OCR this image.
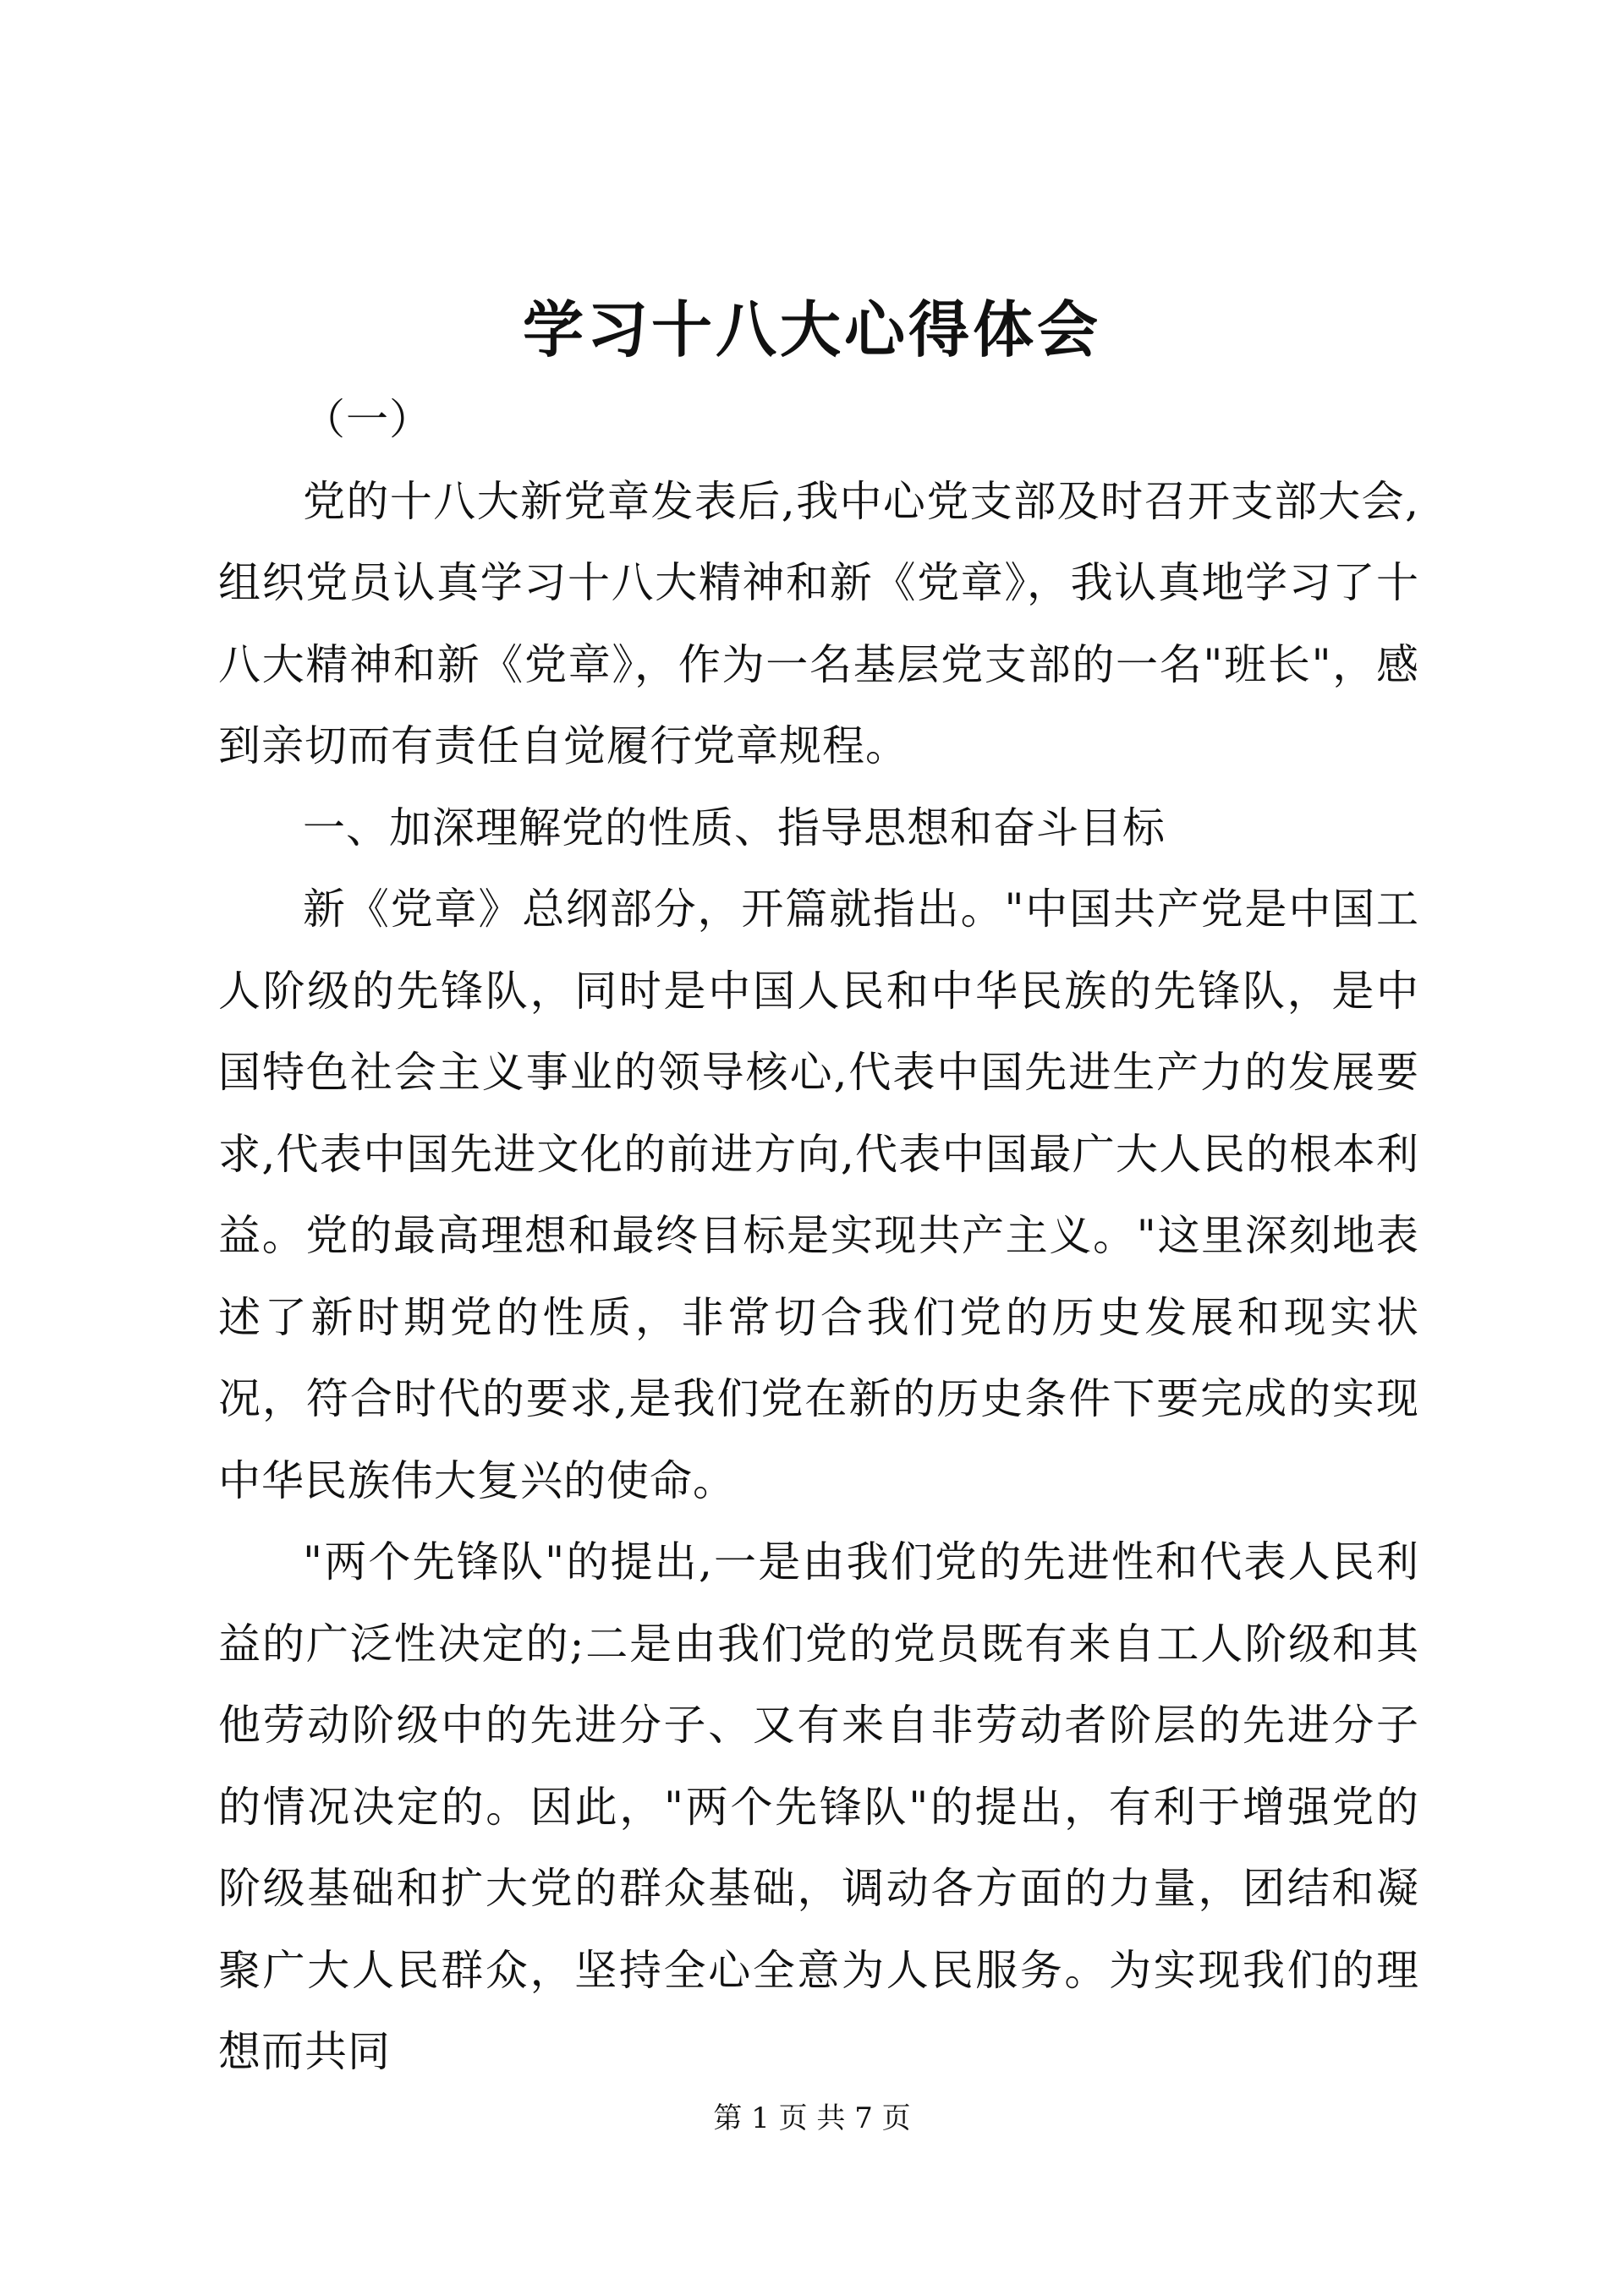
学习十八大心得体会

（一）

党的十八大新党章发表后,我中心党支部及时召开支部大会,组织党员认真学习十八大精神和新《党章》，我认真地学习了十八大精神和新《党章》，作为一名基层党支部的一名"班长"，感到亲切而有责任自觉履行党章规程。

一、加深理解党的性质、指导思想和奋斗目标

新《党章》总纲部分，开篇就指出。"中国共产党是中国工人阶级的先锋队，同时是中国人民和中华民族的先锋队，是中国特色社会主义事业的领导核心,代表中国先进生产力的发展要求,代表中国先进文化的前进方向,代表中国最广大人民的根本利益。党的最高理想和最终目标是实现共产主义。"这里深刻地表述了新时期党的性质，非常切合我们党的历史发展和现实状况，符合时代的要求,是我们党在新的历史条件下要完成的实现中华民族伟大复兴的使命。

"两个先锋队"的提出,一是由我们党的先进性和代表人民利益的广泛性决定的;二是由我们党的党员既有来自工人阶级和其他劳动阶级中的先进分子、又有来自非劳动者阶层的先进分子的情况决定的。因此，"两个先锋队"的提出，有利于增强党的阶级基础和扩大党的群众基础，调动各方面的力量，团结和凝聚广大人民群众，坚持全心全意为人民服务。为实现我们的理想而共同

第 1 页 共 7 页
